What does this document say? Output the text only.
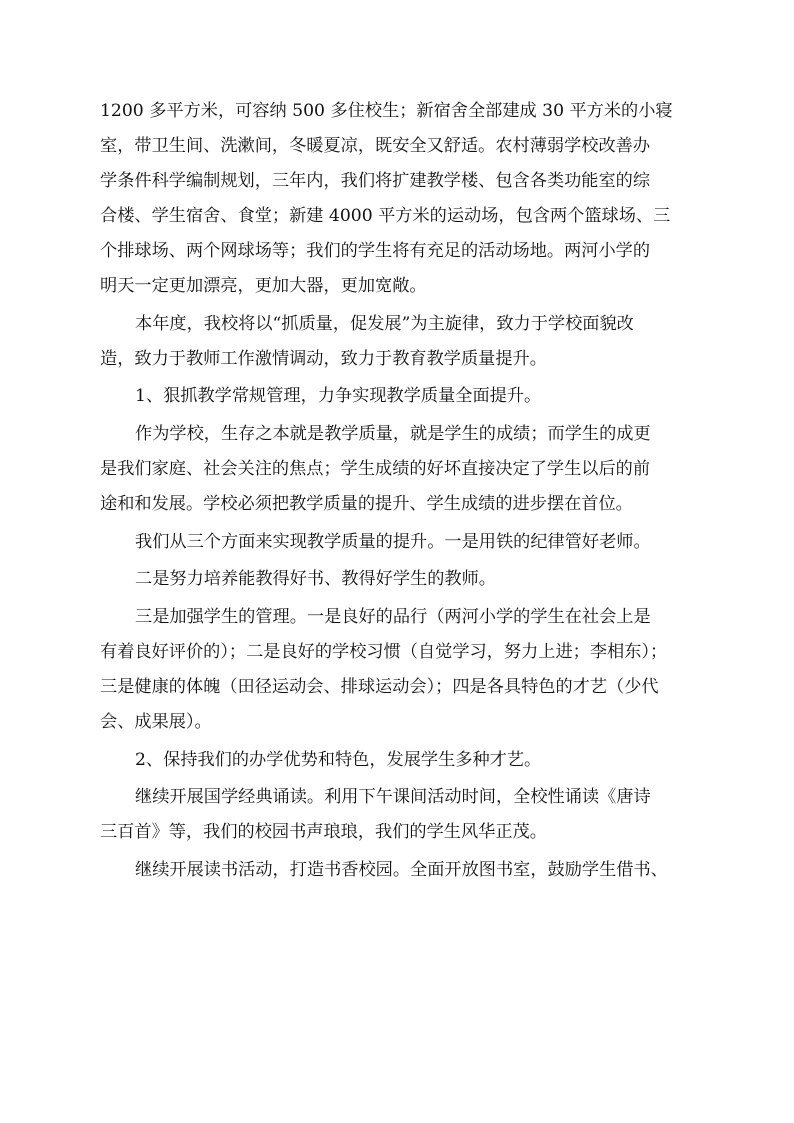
1200 多平方米，可容纳 500 多住校生；新宿舍全部建成 30 平方米的小寝
室，带卫生间、洗漱间，冬暖夏凉，既安全又舒适。农村薄弱学校改善办
学条件科学编制规划，三年内，我们将扩建教学楼、包含各类功能室的综
合楼、学生宿舍、食堂；新建 4000 平方米的运动场，包含两个篮球场、三
个排球场、两个网球场等；我们的学生将有充足的活动场地。两河小学的
明天一定更加漂亮，更加大器，更加宽敞。
本年度，我校将以“抓质量，促发展”为主旋律，致力于学校面貌改
造，致力于教师工作激情调动，致力于教育教学质量提升。
1、狠抓教学常规管理，力争实现教学质量全面提升。
作为学校，生存之本就是教学质量，就是学生的成绩；而学生的成更
是我们家庭、社会关注的焦点；学生成绩的好坏直接决定了学生以后的前
途和和发展。学校必须把教学质量的提升、学生成绩的进步摆在首位。
我们从三个方面来实现教学质量的提升。一是用铁的纪律管好老师。
二是努力培养能教得好书、教得好学生的教师。
三是加强学生的管理。一是良好的品行（两河小学的学生在社会上是
有着良好评价的）；二是良好的学校习惯（自觉学习，努力上进；李相东）；
三是健康的体魄（田径运动会、排球运动会）；四是各具特色的才艺（少代
会、成果展）。
2、保持我们的办学优势和特色，发展学生多种才艺。
继续开展国学经典诵读。利用下午课间活动时间，全校性诵读《唐诗
三百首》等，我们的校园书声琅琅，我们的学生风华正茂。
继续开展读书活动，打造书香校园。全面开放图书室，鼓励学生借书、
